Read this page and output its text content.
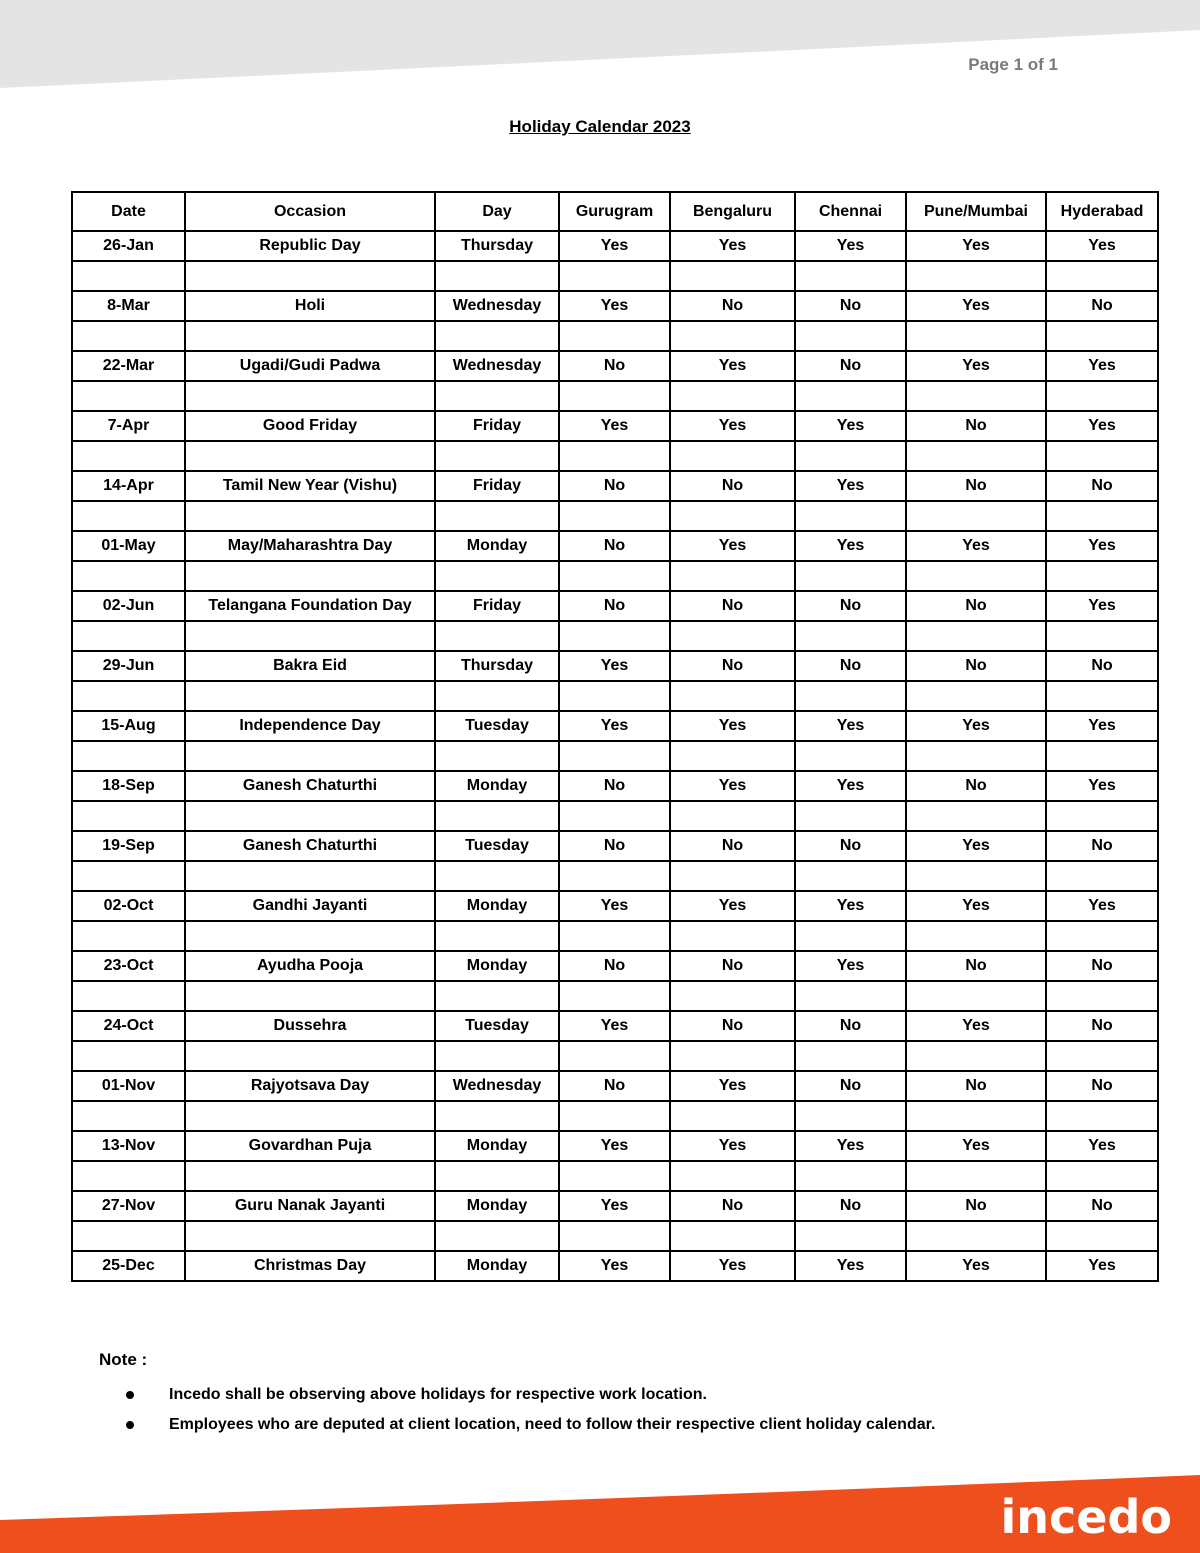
Page 1 of 1
Holiday Calendar 2023
Date	Occasion	Day	Gurugram	Bengaluru	Chennai	Pune/Mumbai	Hyderabad
26-Jan	Republic Day	Thursday	Yes	Yes	Yes	Yes	Yes

8-Mar	Holi	Wednesday	Yes	No	No	Yes	No

22-Mar	Ugadi/Gudi Padwa	Wednesday	No	Yes	No	Yes	Yes

7-Apr	Good Friday	Friday	Yes	Yes	Yes	No	Yes

14-Apr	Tamil New Year (Vishu)	Friday	No	No	Yes	No	No

01-May	May/Maharashtra Day	Monday	No	Yes	Yes	Yes	Yes

02-Jun	Telangana Foundation Day	Friday	No	No	No	No	Yes

29-Jun	Bakra Eid	Thursday	Yes	No	No	No	No

15-Aug	Independence Day	Tuesday	Yes	Yes	Yes	Yes	Yes

18-Sep	Ganesh Chaturthi	Monday	No	Yes	Yes	No	Yes

19-Sep	Ganesh Chaturthi	Tuesday	No	No	No	Yes	No

02-Oct	Gandhi Jayanti	Monday	Yes	Yes	Yes	Yes	Yes

23-Oct	Ayudha Pooja	Monday	No	No	Yes	No	No

24-Oct	Dussehra	Tuesday	Yes	No	No	Yes	No

01-Nov	Rajyotsava Day	Wednesday	No	Yes	No	No	No

13-Nov	Govardhan Puja	Monday	Yes	Yes	Yes	Yes	Yes

27-Nov	Guru Nanak Jayanti	Monday	Yes	No	No	No	No

25-Dec	Christmas Day	Monday	Yes	Yes	Yes	Yes	Yes
Note :
Incedo shall be observing above holidays for respective work location.
Employees who are deputed at client location, need to follow their respective client holiday calendar.
incedo
